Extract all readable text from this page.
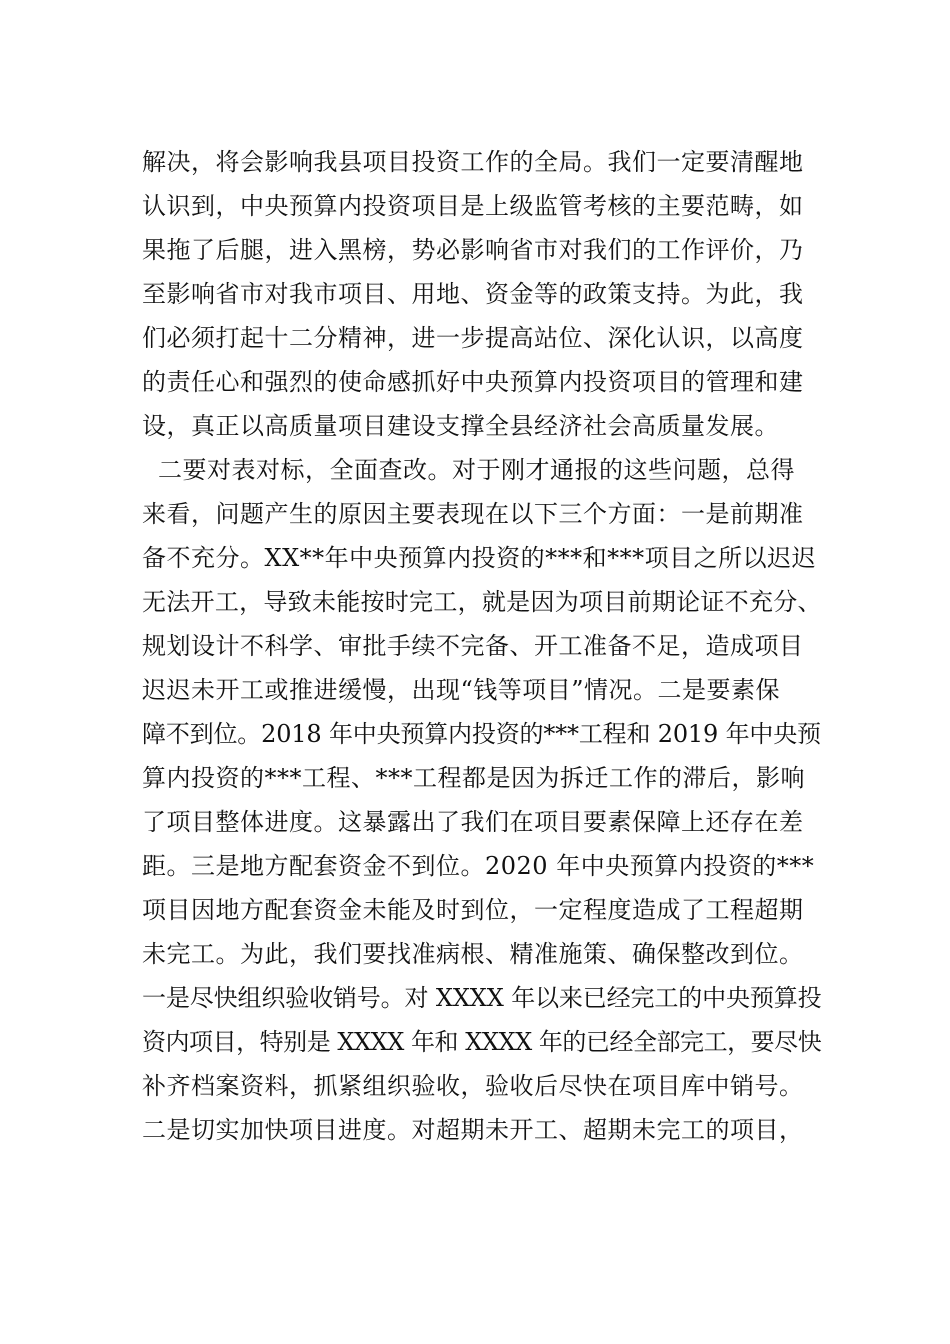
解决，将会影响我县项目投资工作的全局。我们一定要清醒地
认识到，中央预算内投资项目是上级监管考核的主要范畴，如
果拖了后腿，进入黑榜，势必影响省市对我们的工作评价，乃
至影响省市对我市项目、用地、资金等的政策支持。为此，我
们必须打起十二分精神，进一步提高站位、深化认识，以高度
的责任心和强烈的使命感抓好中央预算内投资项目的管理和建
设，真正以高质量项目建设支撑全县经济社会高质量发展。
二要对表对标，全面查改。对于刚才通报的这些问题，总得
来看，问题产生的原因主要表现在以下三个方面：一是前期准
备不充分。XX**年中央预算内投资的***和***项目之所以迟迟
无法开工，导致未能按时完工，就是因为项目前期论证不充分、
规划设计不科学、审批手续不完备、开工准备不足，造成项目
迟迟未开工或推进缓慢，出现“钱等项目”情况。二是要素保
障不到位。2018 年中央预算内投资的***工程和 2019 年中央预
算内投资的***工程、***工程都是因为拆迁工作的滞后，影响
了项目整体进度。这暴露出了我们在项目要素保障上还存在差
距。三是地方配套资金不到位。2020 年中央预算内投资的***
项目因地方配套资金未能及时到位，一定程度造成了工程超期
未完工。为此，我们要找准病根、精准施策、确保整改到位。
一是尽快组织验收销号。对 XXXX 年以来已经完工的中央预算投
资内项目，特别是 XXXX 年和 XXXX 年的已经全部完工，要尽快
补齐档案资料，抓紧组织验收，验收后尽快在项目库中销号。
二是切实加快项目进度。对超期未开工、超期未完工的项目，
